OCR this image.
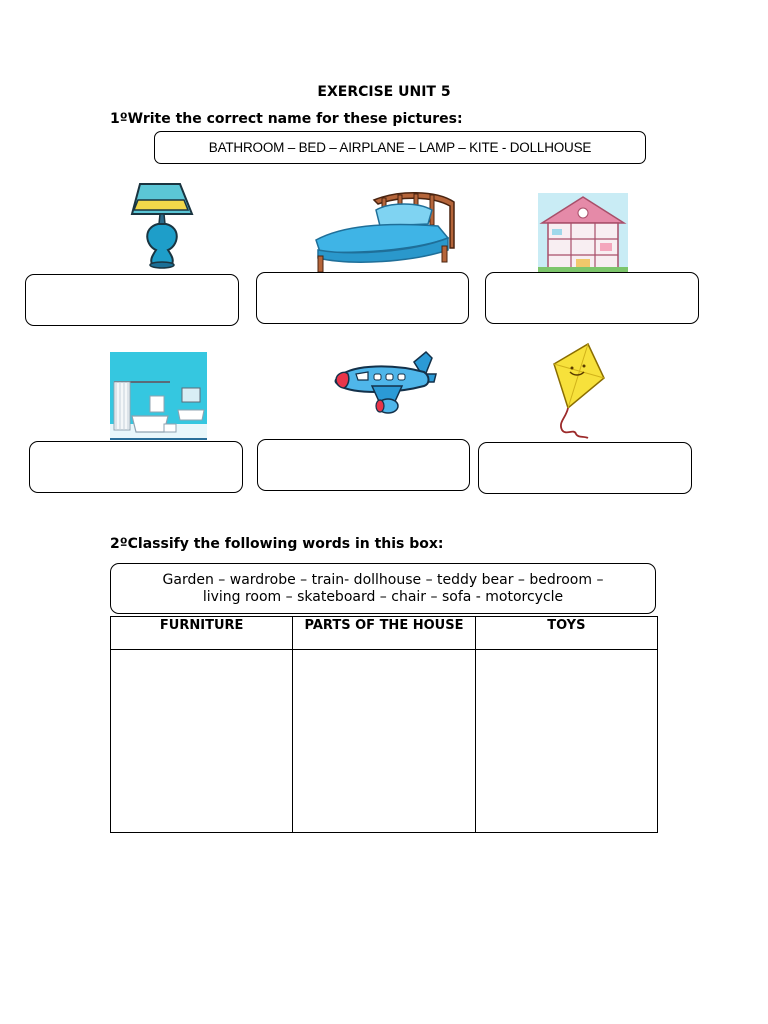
EXERCISE UNIT 5
1ºWrite the correct name for these pictures:
BATHROOM – BED – AIRPLANE – LAMP – KITE - DOLLHOUSE
2ºClassify the following words in this box:
Garden – wardrobe – train- dollhouse – teddy bear – bedroom –
living room – skateboard – chair – sofa - motorcycle
FURNITURE	PARTS OF THE HOUSE	TOYS
